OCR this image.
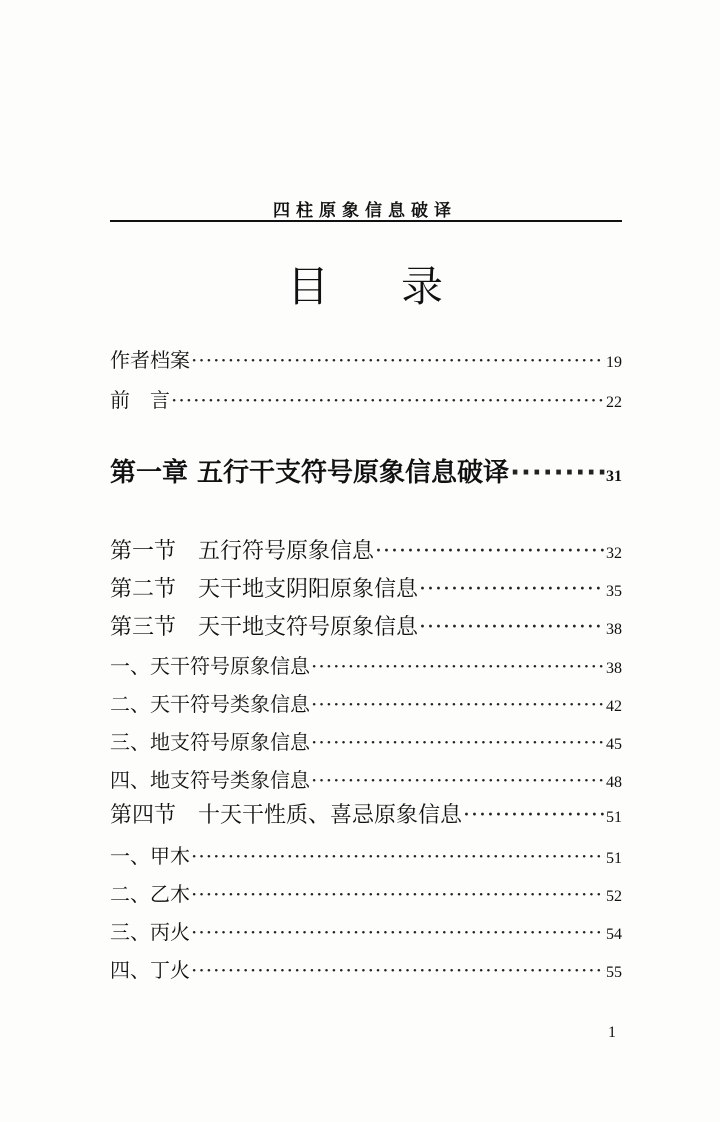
四柱原象信息破译
目 录
作者档案 ·····	19
前　言 ·····	22
第一章 五行干支符号原象信息破译 ·····	31
第一节　五行符号原象信息 ·····	32
第二节　天干地支阴阳原象信息 ·····	35
第三节　天干地支符号原象信息 ·····	38
一、天干符号原象信息 ·····	38
二、天干符号类象信息 ·····	42
三、地支符号原象信息 ·····	45
四、地支符号类象信息 ·····	48
第四节　十天干性质、喜忌原象信息 ·····	51
一、甲木 ·····	51
二、乙木 ·····	52
三、丙火 ·····	54
四、丁火 ·····	55
1
